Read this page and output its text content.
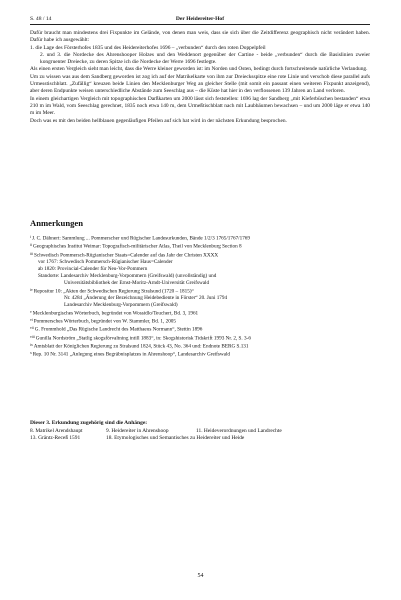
S. 48 / 14	Der Heidereiter-Hof

Dafür braucht man mindestens drei Fixpunkte im Gelände, von denen man weis, dass sie sich über die Zeitdifferenz geographisch nicht verändert haben. Dafür habe ich ausgewählt:

1. die Lage des Försterhofes 1835 und des Heidereiterhofes 1696 – „verbunden“ durch den roten Doppelpfeil

2. und 3. die Nordecke des Ahrenshooper Holzes und den Weddenort gegenüber der Cartine - beide „verbunden“ durch die Basislinien zweier kongruenter Dreiecke, zu deren Spitze ich die Nordecke der Werre 1696 festlegte.

Als einen ersten Vergleich sieht man leicht, dass die Werre kleiner geworden ist: im Norden und Osten, bedingt durch fortschreitende natürliche Verlandung.

Um zu wissen was aus dem Sandberg geworden ist zog ich auf der Matrikelkarte von ihm zur Dreiecksspitze eine rote Linie und verschob diese parallel aufs Urmesstischblatt. „Zufällig“ kreuzen beide Linien den Mecklenburger Weg an gleicher Stelle (mit somit ein passant einen weiteren Fixpunkt anzeigend), aber deren Endpunkte weisen unterschiedliche Abstände zum Seeschlag aus – die Küste hat hier in den verflossenen 139 Jahren an Land verloren.

In einem gleichartigen Vergleich mit topographischen Darßkarten um 2000 lässt sich feststellen: 1696 lag der Sandberg „mit Kieferbüschen bestanden“ etwa 210 m im Wald, vom Seeschlag gerechnet, 1835 noch etwa 140 m, dem Urmeßtischblatt nach mit Laubbäumen bewachsen – und um 2000 läge er etwa 140 m im Meer.

Doch was es mit den beiden hellblauen gegenläufigen Pfeilen auf sich hat wird in der nächsten Erkundung besprochen.

Anmerkungen
$^i$J. C. Dähnert: Sammlung ... Pommerscher und Rügischer Landesurkunden, Bände 1/2/3 1765/1767/1769
$^{ii}$Geographisches Institut Weimar: Topografisch-militärischer Atlas, Theil von Mecklenburg Section 8
$^{iii}$Schwedisch Pommersch-Rügianischer Staats=Calender auf das Jahr der Christen XXXX
vor 1767: Schwedisch Pommersch-Rügianischer Haus=Calender
ab 1820: Provincial-Calender für Neu-Vor-Pommern
Standorte: Landesarchiv Mecklenburg-Vorpommern (Greifswald) (unvollständig) und
Universitätsbibliothek der Ernst-Moritz-Arndt-Universität Greifswald
$^{iv}$Repositur 10: „Akten der Schwedischen Regierung Stralsund (1720 – 1815)“
Nr. 4284 „Änderung der Bezeichnung Heidebediente in Förster“ 20. Juni 1794
Landesarchiv Mecklenburg-Vorpommern (Greifswald)
$^v$Mecklenburgisches Wörterbuch, begründet von Wossidlo/Teuchert, Bd. 3, 1961
$^{vi}$Pommersches Wörterbuch, begründet von W. Stammler, Bd. 1, 2005
$^{vii}$G. Frommhold „Das Rügische Landrecht des Matthaeus Normann“, Stettin 1896
$^{viii}$Gunilla Nordström „Statlig skogsförvaltning intill 1883“, in: Skogshistorisk Tidskrift 1993 Nr. 2, S. 3-6
$^{ix}$Amtsblatt der Königlichen Regierung zu Stralsund 1824, Stück 43, No. 364 und: Endnote BERG S.131
$^x$Rep. 10 Nr. 3141 „Anlegung eines Begräbnisplatzes in Ahrenshoop“, Landesarchiv Greifswald

Dieser 3. Erkundung zugehörig sind die Anhänge:

8. Matrikel Arendshaupt	9. Heidereiter in Ahrenshoop	11. Heideverordnungen und Landrechte
13. Gräntz-Receß 1591	18. Etymologisches und Semantisches zu Heidereiter und Heide
54
